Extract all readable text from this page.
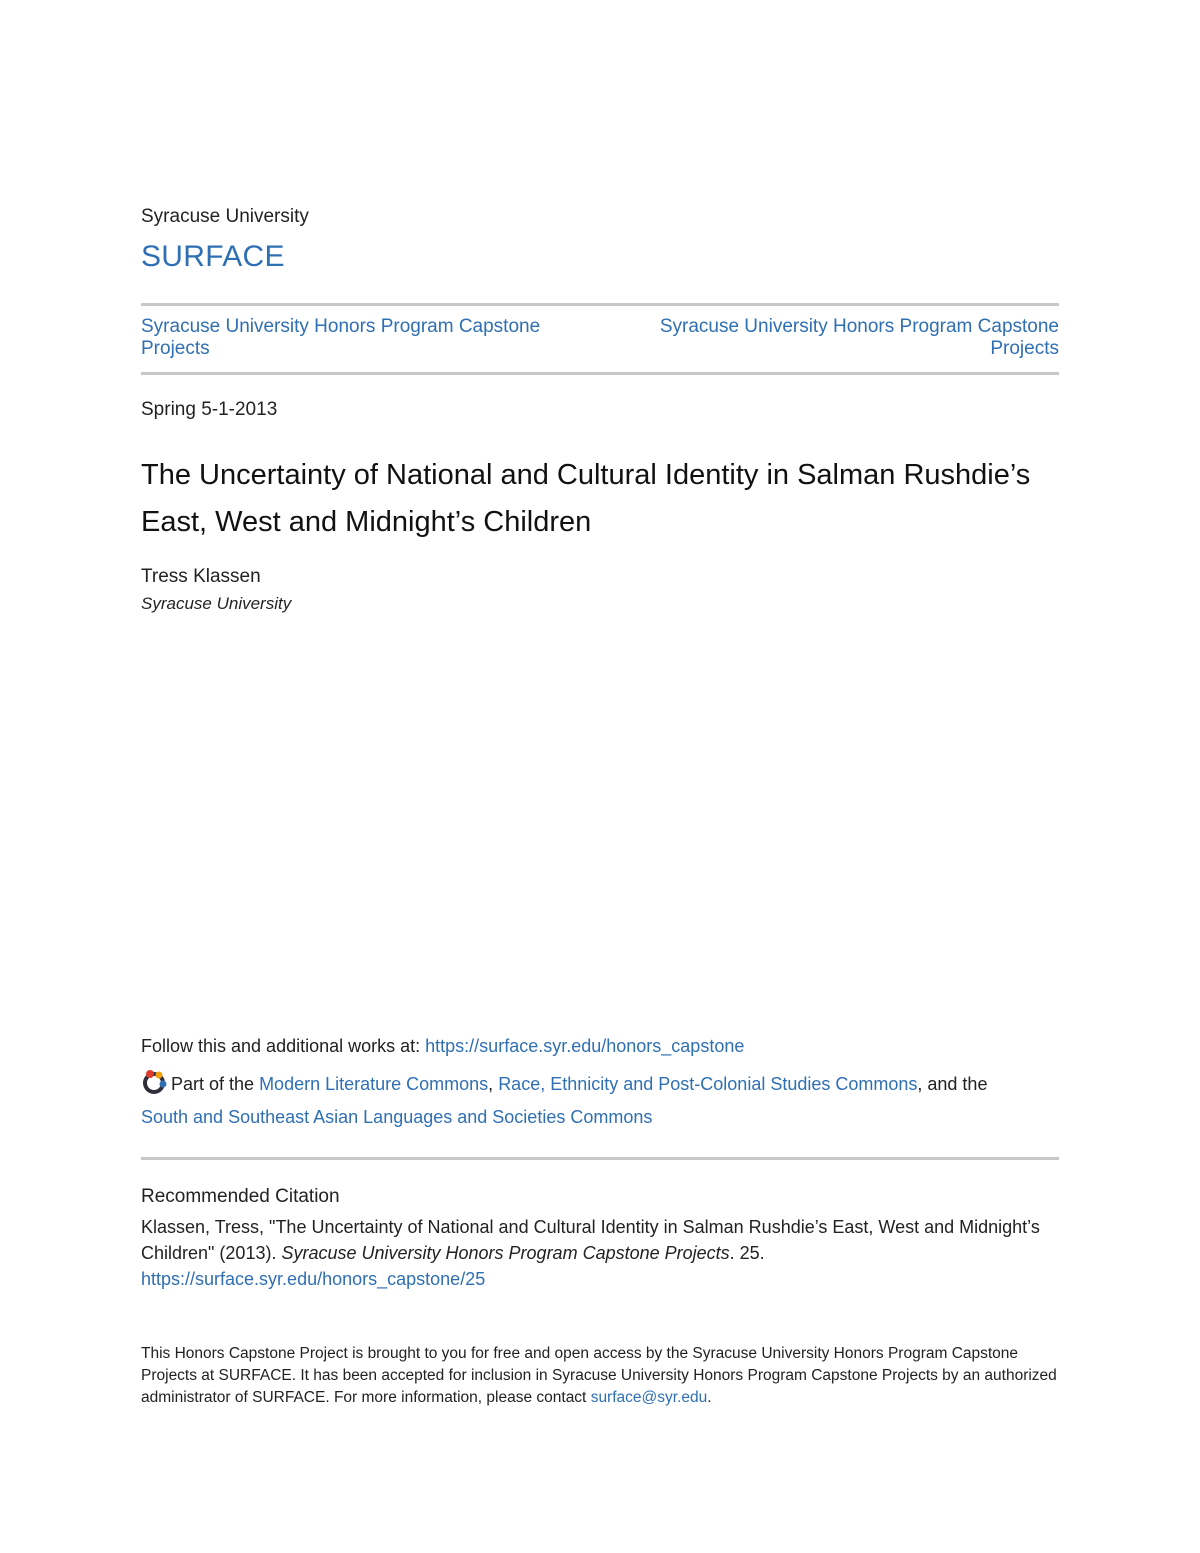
Syracuse University
SURFACE
Syracuse University Honors Program Capstone Projects
Syracuse University Honors Program Capstone Projects
Spring 5-1-2013
The Uncertainty of National and Cultural Identity in Salman Rushdie’s East, West and Midnight’s Children
Tress Klassen
Syracuse University
Follow this and additional works at: https://surface.syr.edu/honors_capstone
Part of the Modern Literature Commons, Race, Ethnicity and Post-Colonial Studies Commons, and the
South and Southeast Asian Languages and Societies Commons
Recommended Citation
Klassen, Tress, "The Uncertainty of National and Cultural Identity in Salman Rushdie’s East, West and Midnight’s Children" (2013). Syracuse University Honors Program Capstone Projects. 25.
https://surface.syr.edu/honors_capstone/25
This Honors Capstone Project is brought to you for free and open access by the Syracuse University Honors Program Capstone Projects at SURFACE. It has been accepted for inclusion in Syracuse University Honors Program Capstone Projects by an authorized administrator of SURFACE. For more information, please contact surface@syr.edu.
